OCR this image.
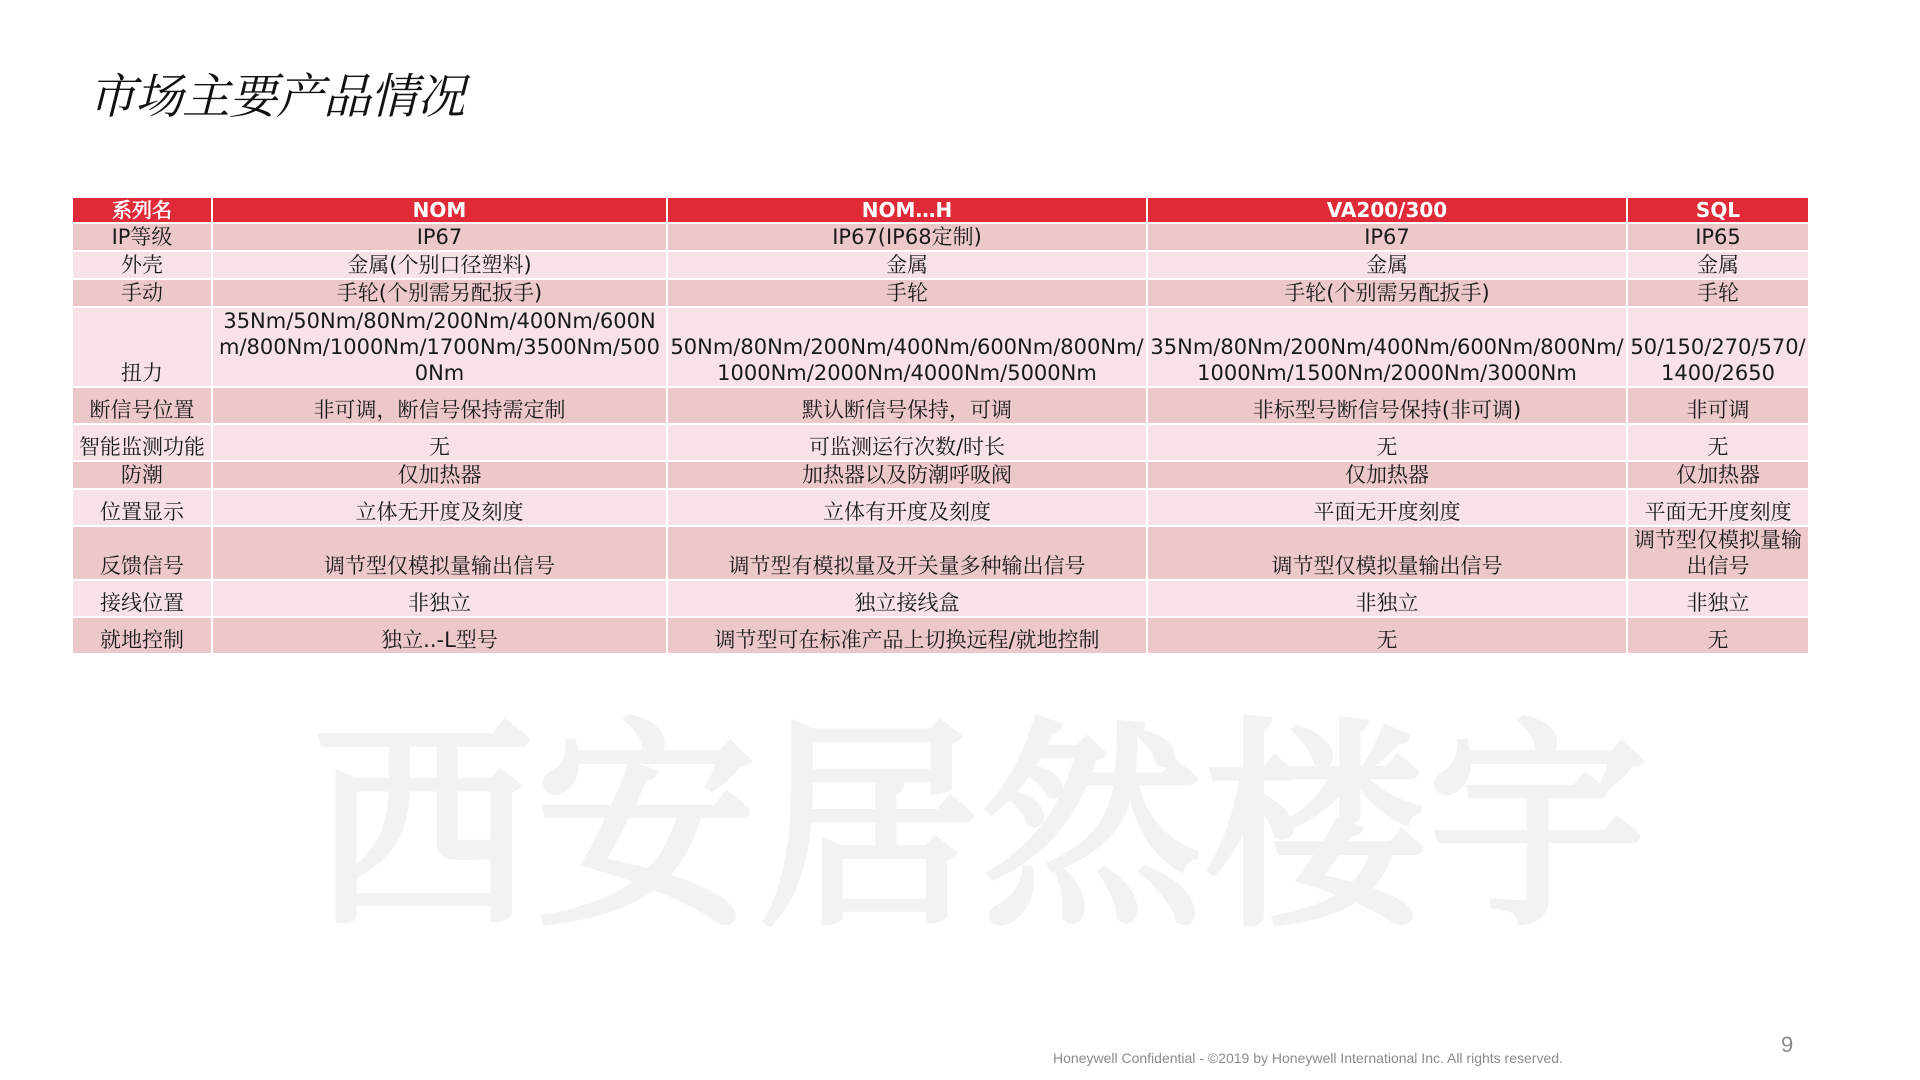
市场主要产品情况
西安居然楼宇
系列名	NOM	NOM…H	VA200/300	SQL
IP等级	IP67	IP67(IP68定制)	IP67	IP65
外壳	金属(个别口径塑料)	金属	金属	金属
手动	手轮(个别需另配扳手)	手轮	手轮(个别需另配扳手)	手轮
扭力	35Nm/50Nm/80Nm/200Nm/400Nm/600Nm/800Nm/1000Nm/1700Nm/3500Nm/5000Nm	50Nm/80Nm/200Nm/400Nm/600Nm/800Nm/1000Nm/2000Nm/4000Nm/5000Nm	35Nm/80Nm/200Nm/400Nm/600Nm/800Nm/1000Nm/1500Nm/2000Nm/3000Nm	50/150/270/570/1400/2650
断信号位置	非可调，断信号保持需定制	默认断信号保持，可调	非标型号断信号保持(非可调)	非可调
智能监测功能	无	可监测运行次数/时长	无	无
防潮	仅加热器	加热器以及防潮呼吸阀	仅加热器	仅加热器
位置显示	立体无开度及刻度	立体有开度及刻度	平面无开度刻度	平面无开度刻度
反馈信号	调节型仅模拟量输出信号	调节型有模拟量及开关量多种输出信号	调节型仅模拟量输出信号	调节型仅模拟量输出信号
接线位置	非独立	独立接线盒	非独立	非独立
就地控制	独立..-L型号	调节型可在标准产品上切换远程/就地控制	无	无
Honeywell Confidential - ©2019 by Honeywell International Inc. All rights reserved.
9
